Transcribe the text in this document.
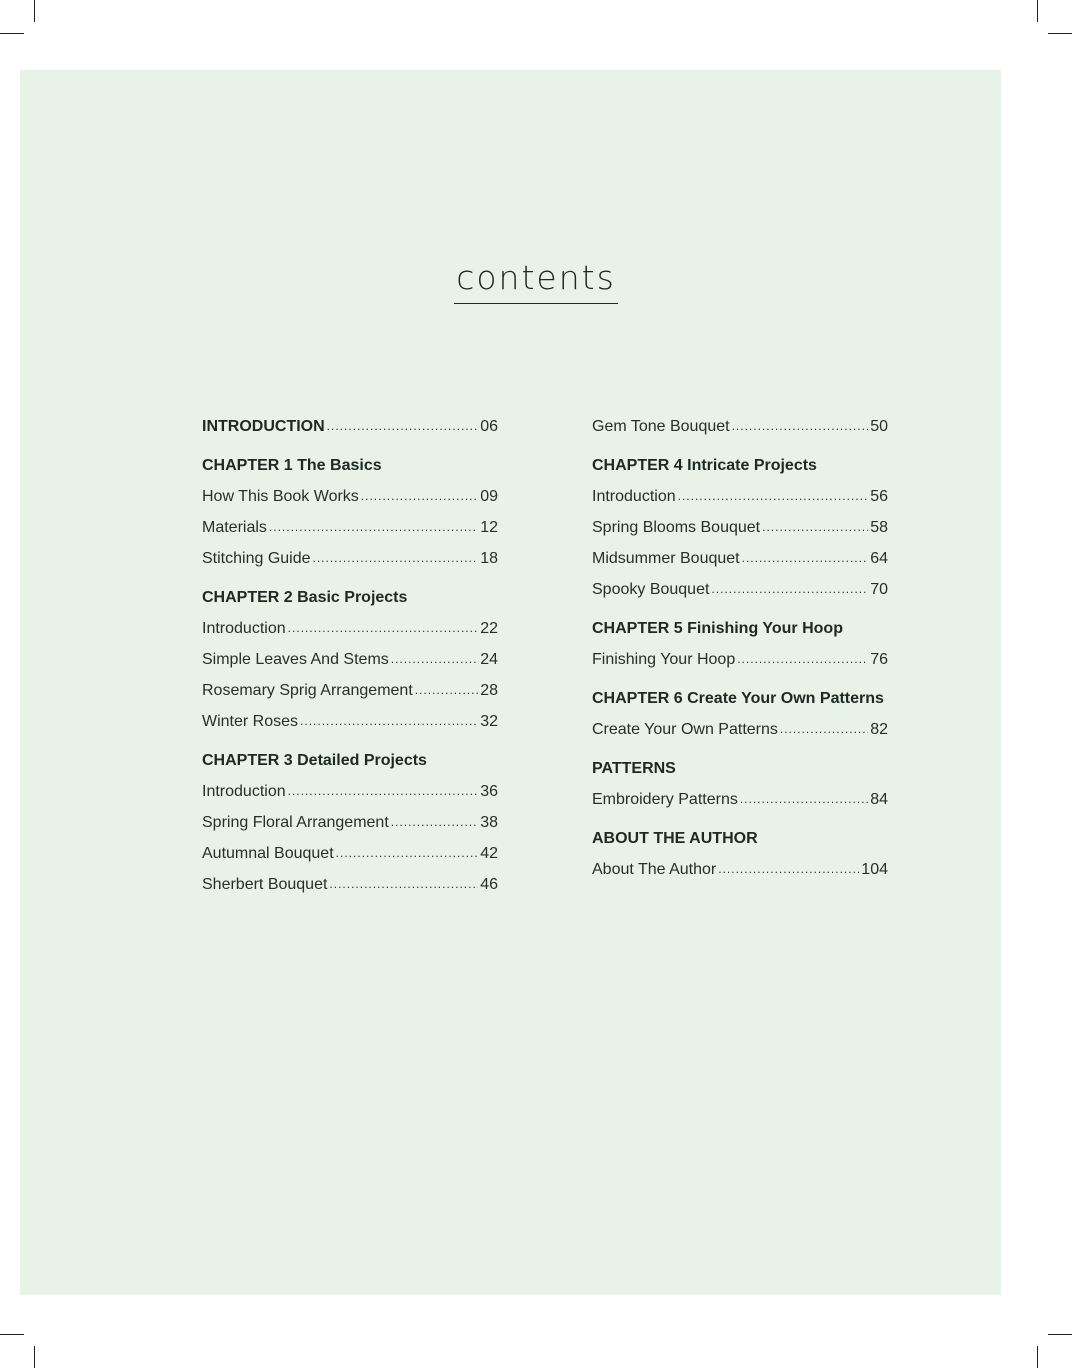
contents
INTRODUCTION .....	06
CHAPTER 1 The Basics
How This Book Works .....	09
Materials .....	12
Stitching Guide .....	18
CHAPTER 2 Basic Projects
Introduction .....	22
Simple Leaves And Stems .....	24
Rosemary Sprig Arrangement .....	28
Winter Roses .....	32
CHAPTER 3 Detailed Projects
Introduction .....	36
Spring Floral Arrangement .....	38
Autumnal Bouquet .....	42
Sherbert Bouquet .....	46
Gem Tone Bouquet .....	50
CHAPTER 4 Intricate Projects
Introduction .....	56
Spring Blooms Bouquet .....	58
Midsummer Bouquet .....	64
Spooky Bouquet .....	70
CHAPTER 5 Finishing Your Hoop
Finishing Your Hoop .....	76
CHAPTER 6 Create Your Own Patterns
Create Your Own Patterns .....	82
PATTERNS
Embroidery Patterns .....	84
ABOUT THE AUTHOR
About The Author .....	104
